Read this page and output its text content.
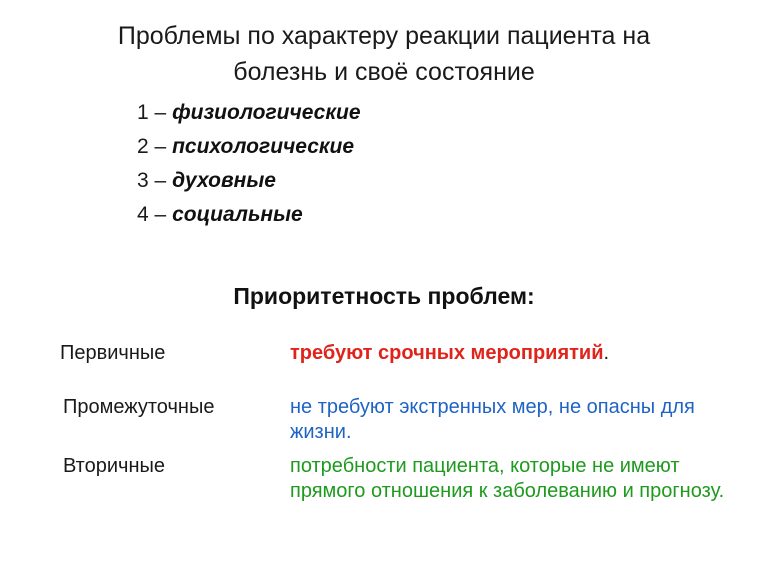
Проблемы по характеру реакции пациента на
болезнь и своё состояние
1 – физиологические
2 – психологические
3 – духовные
4 – социальные
Приоритетность проблем:
Первичные	требуют срочных мероприятий.
Промежуточные	не требуют экстренных мер, не опасны для жизни.
Вторичные	потребности пациента, которые не имеют прямого отношения к заболеванию и прогнозу.
